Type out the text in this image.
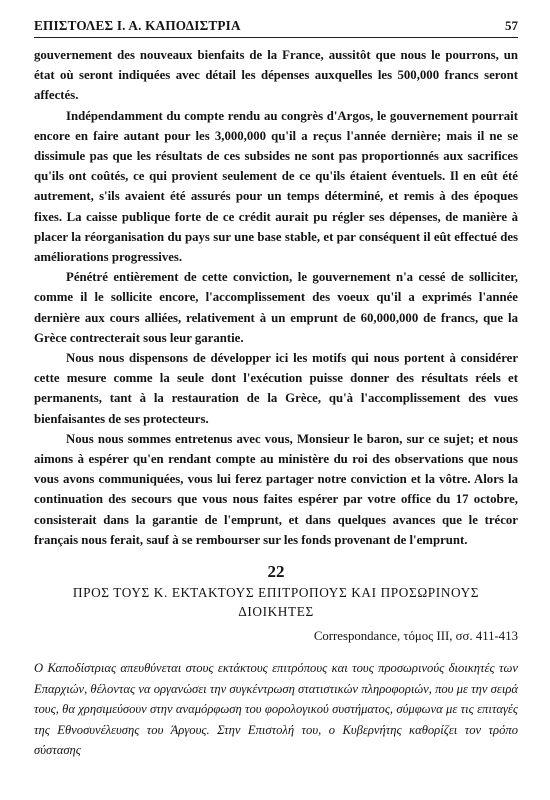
ΕΠΙΣΤΟΛΕΣ Ι. Α. ΚΑΠΟΔΙΣΤΡΙΑ	57

gouvernement des nouveaux bienfaits de la France, aussitôt que nous le pourrons, un état où seront indiquées avec détail les dépenses auxquelles les 500,000 francs seront affectés.

Indépendamment du compte rendu au congrès d'Argos, le gouvernement pourrait encore en faire autant pour les 3,000,000 qu'il a reçus l'année dernière; mais il ne se dissimule pas que les résultats de ces subsides ne sont pas proportionnés aux sacrifices qu'ils ont coûtés, ce qui provient seulement de ce qu'ils étaient éventuels. Il en eût été autrement, s'ils avaient été assurés pour un temps déterminé, et remis à des époques fixes. La caisse publique forte de ce crédit aurait pu régler ses dépenses, de manière à placer la réorganisation du pays sur une base stable, et par conséquent il eût effectué des améliorations progressives.

Pénétré entièrement de cette conviction, le gouvernement n'a cessé de solliciter, comme il le sollicite encore, l'accomplissement des voeux qu'il a exprimés l'année dernière aux cours alliées, relativement à un emprunt de 60,000,000 de francs, que la Grèce contrecterait sous leur garantie.

Nous nous dispensons de développer ici les motifs qui nous portent à considérer cette mesure comme la seule dont l'exécution puisse donner des résultats réels et permanents, tant à la restauration de la Grèce, qu'à l'accomplissement des vues bienfaisantes de ses protecteurs.

Nous nous sommes entretenus avec vous, Monsieur le baron, sur ce sujet; et nous aimons à espérer qu'en rendant compte au ministère du roi des observations que nous vous avons communiquées, vous lui ferez partager notre conviction et la vôtre. Alors la continuation des secours que vous nous faites espérer par votre office du 17 octobre, consisterait dans la garantie de l'emprunt, et dans quelques avances que le trécor français nous ferait, sauf à se rembourser sur les fonds provenant de l'emprunt.

22
ΠΡΟΣ ΤΟΥΣ Κ. ΕΚΤΑΚΤΟΥΣ ΕΠΙΤΡΟΠΟΥΣ ΚΑΙ ΠΡΟΣΩΡΙΝΟΥΣ
ΔΙΟΙΚΗΤΕΣ
Correspondance, τόμος III, σσ. 411-413

Ο Καποδίστριας απευθύνεται στους εκτάκτους επιτρόπους και τους προσωρινούς διοικητές των Επαρχιών, θέλοντας να οργανώσει την συγκέντρωση στατιστικών πληροφοριών, που με την σειρά τους, θα χρησιμεύσουν στην αναμόρφωση του φορολογικού συστήματος, σύμφωνα με τις επιταγές της Εθνοσυνέλευσης του Άργους. Στην Επιστολή του, ο Κυβερνήτης καθορίζει τον τρόπο σύστασης
